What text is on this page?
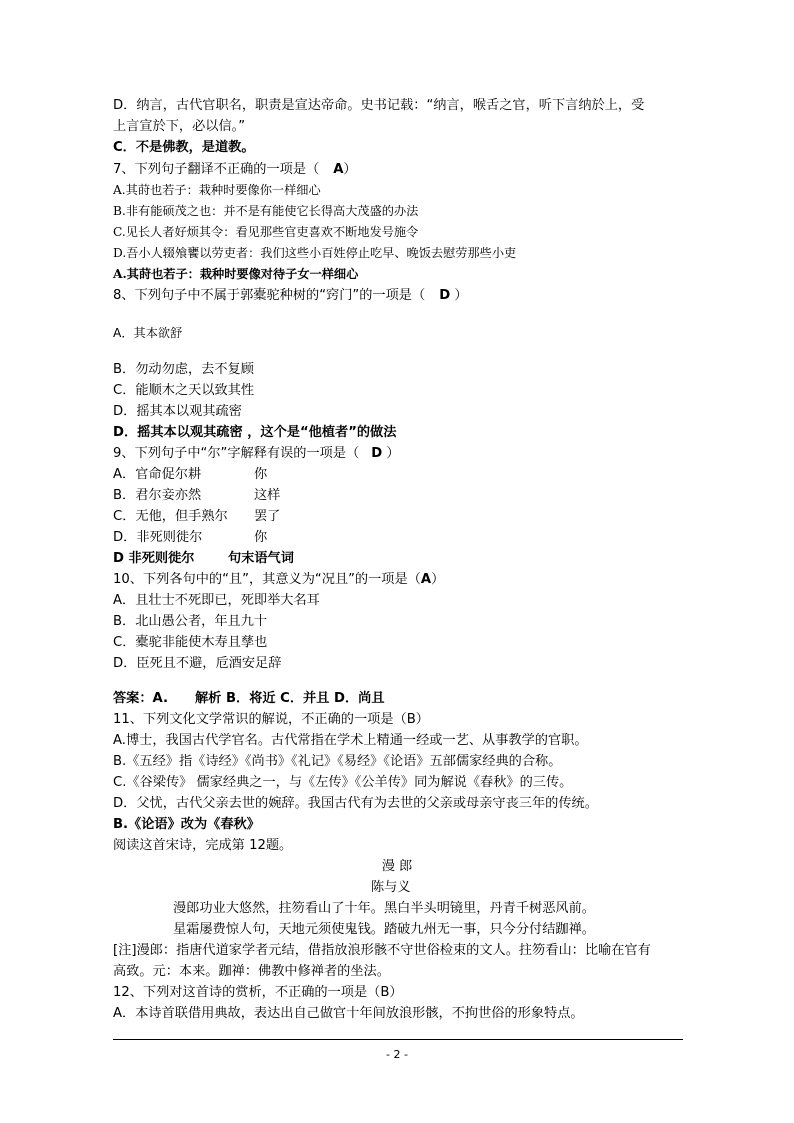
D．纳言，古代官职名，职责是宣达帝命。史书记载：“纳言，喉舌之官，听下言纳於上，受
上言宣於下，必以信。”
C．不是佛教，是道教。
7、下列句子翻译不正确的一项是（ A）
A.其莳也若子：栽种时要像你一样细心
B.非有能硕茂之也：并不是有能使它长得高大茂盛的办法
C.见长人者好烦其令：看见那些官吏喜欢不断地发号施令
D.吾小人辍飧饔以劳吏者：我们这些小百姓停止吃早、晚饭去慰劳那些小吏
A.其莳也若子：栽种时要像对待子女一样细心
8、下列句子中不属于郭橐驼种树的“窍门”的一项是（ D ）
A．其本欲舒
B．勿动勿虑，去不复顾
C．能顺木之天以致其性
D．摇其本以观其疏密
D．摇其本以观其疏密 ，这个是“他植者”的做法
9、下列句子中“尔”字解释有误的一项是（ D ）
A．官命促尔耕	你
B．君尔妾亦然	这样
C．无他，但手熟尔 罢了
D．非死则徙尔	你
D 非死则徙尔	句末语气词
10、下列各句中的“且”，其意义为“况且”的一项是（A）
A．且壮士不死即已，死即举大名耳
B．北山愚公者，年且九十
C．橐驼非能使木寿且孳也
D．臣死且不避，卮酒安足辞
答案：A. 解析 B．将近 C．并且 D．尚且
11、下列文化文学常识的解说，不正确的一项是（B）
A.博士，我国古代学官名。古代常指在学术上精通一经或一艺、从事教学的官职。
B.《五经》指《诗经》《尚书》《礼记》《易经》《论语》五部儒家经典的合称。
C.《谷梁传》 儒家经典之一，与《左传》《公羊传》同为解说《春秋》的三传。
D．父忧，古代父亲去世的婉辞。我国古代有为去世的父亲或母亲守丧三年的传统。
B.《论语》改为《春秋》
阅读这首宋诗，完成第 12题。
漫 郎
陈与义
漫郎功业大悠然，拄笏看山了十年。黑白半头明镜里，丹青千树恶风前。
星霜屡费惊人句，天地元须使鬼钱。踏破九州无一事，只今分付结跏禅。
[注]漫郎：指唐代道家学者元结，借指放浪形骸不守世俗检束的文人。拄笏看山：比喻在官有
高致。元：本来。跏禅：佛教中修禅者的坐法。
12、下列对这首诗的赏析，不正确的一项是（B）
A．本诗首联借用典故，表达出自己做官十年间放浪形骸，不拘世俗的形象特点。
- 2 -
